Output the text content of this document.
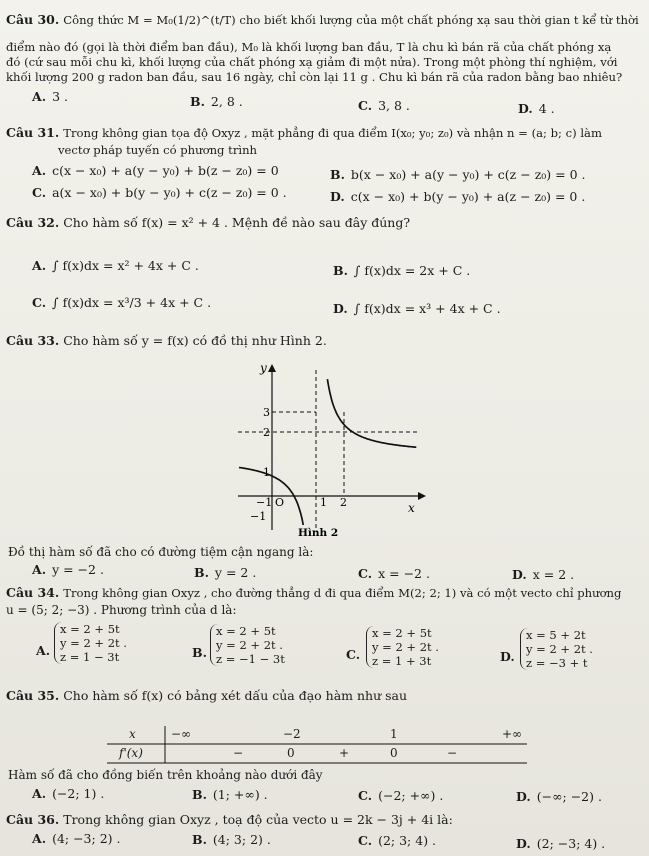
Câu 30. Công thức M = M₀(1/2)^(t/T) cho biết khối lượng của một chất phóng xạ sau thời gian t kể từ thời
điểm nào đó (gọi là thời điểm ban đầu), M₀ là khối lượng ban đầu, T là chu kì bán rã của chất phóng xạ
đó (cứ sau mỗi chu kì, khối lượng của chất phóng xạ giảm đi một nửa). Trong một phòng thí nghiệm, với
khối lượng 200 g radon ban đầu, sau 16 ngày, chỉ còn lại 11 g . Chu kì bán rã của radon bằng bao nhiêu?
A. 3 .	B. 2, 8 .	C. 3, 8 .	D. 4 .
Câu 31. Trong không gian tọa độ Oxyz , mặt phẳng đi qua điểm I(x₀; y₀; z₀) và nhận n = (a; b; c) làm
vectơ pháp tuyến có phương trình
A. c(x − x₀) + a(y − y₀) + b(z − z₀) = 0	B. b(x − x₀) + a(y − y₀) + c(z − z₀) = 0 .
C. a(x − x₀) + b(y − y₀) + c(z − z₀) = 0 .	D. c(x − x₀) + b(y − y₀) + a(z − z₀) = 0 .
Câu 32. Cho hàm số f(x) = x² + 4 . Mệnh đề nào sau đây đúng?
A. ∫ f(x)dx = x² + 4x + C .	B. ∫ f(x)dx = 2x + C .
C. ∫ f(x)dx = x³/3 + 4x + C .	D. ∫ f(x)dx = x³ + 4x + C .
Câu 33. Cho hàm số y = f(x) có đồ thị như Hình 2.
y
x
3
2
1
−1
−1 O	1 2
Hình 2
Đồ thị hàm số đã cho có đường tiệm cận ngang là:
A. y = −2 .	B. y = 2 .	C. x = −2 .	D. x = 2 .
Câu 34. Trong không gian Oxyz , cho đường thẳng d đi qua điểm M(2; 2; 1) và có một vecto chỉ phương
u = (5; 2; −3) . Phương trình của d là:
A.
x = 2 + 5t
y = 2 + 2t .
z = 1 − 3t	B.
x = 2 + 5t
y = 2 + 2t .
z = −1 − 3t	C.
x = 2 + 5t
y = 2 + 2t .
z = 1 + 3t	D.
x = 5 + 2t
y = 2 + 2t .
z = −3 + t
Câu 35. Cho hàm số f(x) có bảng xét dấu của đạo hàm như sau
x
f'(x)
−∞	−2	1	+∞
−	0	+	0	−
Hàm số đã cho đồng biến trên khoảng nào dưới đây
A. (−2; 1) .	B. (1; +∞) .	C. (−2; +∞) .	D. (−∞; −2) .
Câu 36. Trong không gian Oxyz , toạ độ của vecto u = 2k − 3j + 4i là:
A. (4; −3; 2) .	B. (4; 3; 2) .	C. (2; 3; 4) .	D. (2; −3; 4) .
